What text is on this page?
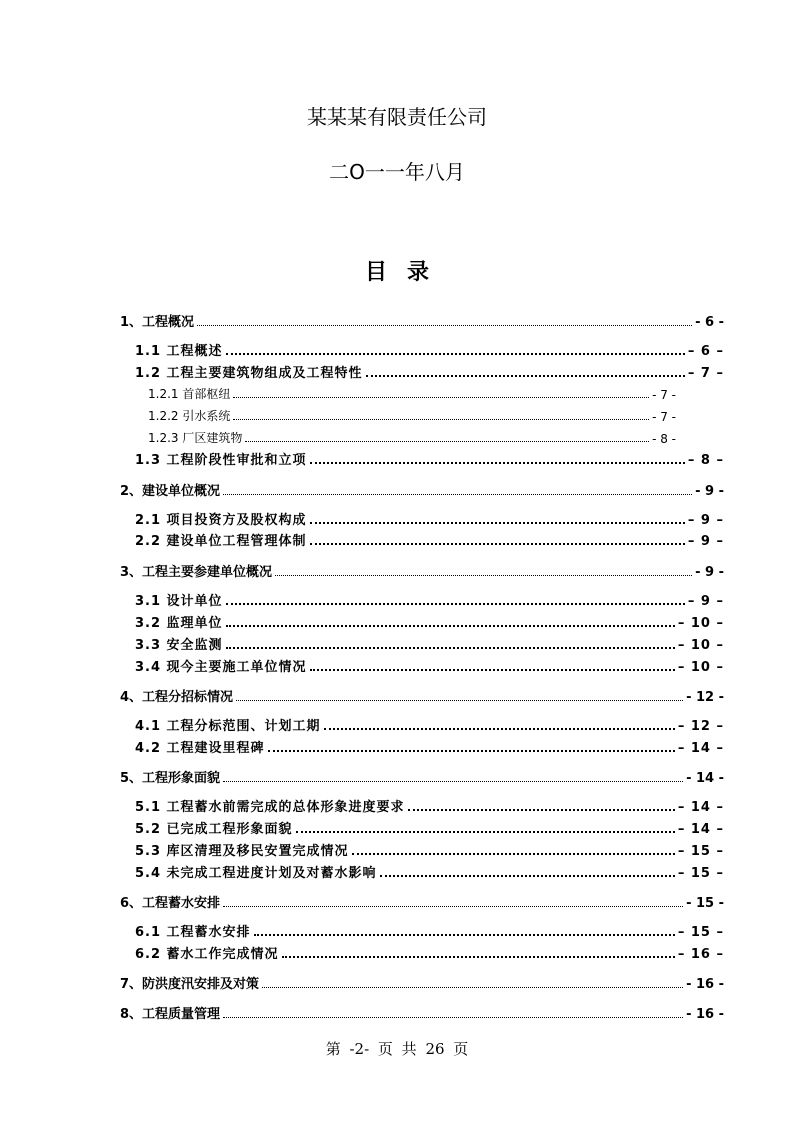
某某某有限责任公司
二O一一年八月
目录
1、工程概况	- 6 -
1.1 工程概述	– 6 –
1.2 工程主要建筑物组成及工程特性	– 7 –
1.2.1 首部枢纽	- 7 -
1.2.2 引水系统	- 7 -
1.2.3 厂区建筑物	- 8 -
1.3 工程阶段性审批和立项	– 8 –
2、建设单位概况	- 9 -
2.1 项目投资方及股权构成	– 9 –
2.2 建设单位工程管理体制	– 9 –
3、工程主要参建单位概况	- 9 -
3.1 设计单位	– 9 –
3.2 监理单位	– 10 –
3.3 安全监测	– 10 –
3.4 现今主要施工单位情况	– 10 –
4、工程分招标情况	- 12 -
4.1 工程分标范围、计划工期	– 12 –
4.2 工程建设里程碑	– 14 –
5、工程形象面貌	- 14 -
5.1 工程蓄水前需完成的总体形象进度要求	– 14 –
5.2 已完成工程形象面貌	– 14 –
5.3 库区清理及移民安置完成情况	– 15 –
5.4 未完成工程进度计划及对蓄水影响	– 15 –
6、工程蓄水安排	- 15 -
6.1 工程蓄水安排	– 15 –
6.2 蓄水工作完成情况	– 16 –
7、防洪度汛安排及对策	- 16 -
8、工程质量管理	- 16 -
第 -2- 页 共 26 页
